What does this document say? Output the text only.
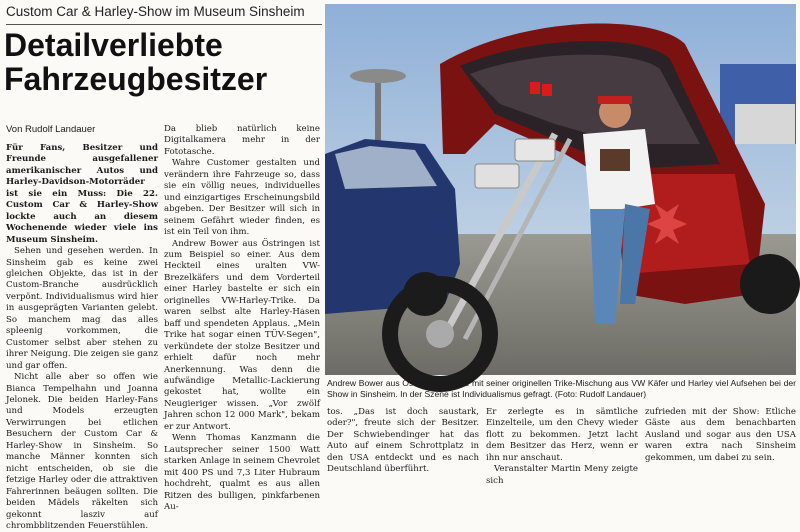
Custom Car & Harley-Show im Museum Sinsheim
Detailverliebte
Fahrzeugbesitzer
Von Rudolf Landauer

Für Fans, Besitzer und Freunde ausgefallener amerikanischer Autos und Harley-Davidson-Motorräder ist sie ein Muss: Die 22. Custom Car & Harley-Show lockte auch an diesem Wochenende wieder viele ins Museum Sinsheim.

Sehen und gesehen werden. In Sinsheim gab es keine zwei gleichen Objekte, das ist in der Custom-Branche ausdrücklich verpönt. Individualismus wird hier in ausgeprägten Varianten gelebt. So manchem mag das alles spleenig vorkommen, die Customer selbst aber stehen zu ihrer Neigung. Die zeigen sie ganz und gar offen.

Nicht alle aber so offen wie Bianca Tempelhahn und Joanna Jelonek. Die beiden Harley-Fans und Models erzeugten Verwirrungen bei etlichen Besuchern der Custom Car & Harley-Show in Sinsheim. So manche Männer konnten sich nicht entscheiden, ob sie die fetzige Harley oder die attraktiven Fahrerinnen beäugen sollten. Die beiden Mädels räkelten sich gekonnt lasziv auf chrombblitzenden Feuerstühlen.

Da blieb natürlich keine Digitalkamera mehr in der Fototasche.

Wahre Customer gestalten und verändern ihre Fahrzeuge so, dass sie ein völlig neues, individuelles und einzigartiges Erscheinungsbild abgeben. Der Besitzer will sich in seinem Gefährt wieder finden, es ist ein Teil von ihm.

Andrew Bower aus Östringen ist zum Beispiel so einer. Aus dem Heckteil eines uralten VW-Brezelkäfers und dem Vorderteil einer Harley bastelte er sich ein originelles VW-Harley-Trike. Da waren selbst alte Harley-Hasen baff und spendeten Applaus. „Mein Trike hat sogar einen TÜV-Segen", verkündete der stolze Besitzer und erhielt dafür noch mehr Anerkennung. Was denn die aufwändige Metallic-Lackierung gekostet hat, wollte ein Neugieriger wissen. „Vor zwölf Jahren schon 12 000 Mark", bekam er zur Antwort.

Wenn Thomas Kanzmann die Lautsprecher seiner 1500 Watt starken Anlage in seinem Chevrolet mit 400 PS und 7,3 Liter Hubraum hochdreht, qualmt es aus allen Ritzen des bulligen, pinkfarbenen Au-

Andrew Bower aus Östringen erregte mit seiner originellen Trike-Mischung aus VW Käfer und Harley viel Aufsehen bei der Show in Sinsheim. In der Szene ist Individualismus gefragt. (Foto: Rudolf Landauer)

tos. „Das ist doch saustark, oder?", freute sich der Besitzer. Der Schwiebendinger hat das Auto auf einem Schrottplatz in den USA entdeckt und es nach Deutschland überführt.

Er zerlegte es in sämtliche Einzelteile, um den Chevy wieder flott zu bekommen. Jetzt lacht dem Besitzer das Herz, wenn er ihn nur anschaut.

Veranstalter Martin Meny zeigte sich

zufrieden mit der Show: Etliche Gäste aus dem benachbarten Ausland und sogar aus den USA waren extra nach Sinsheim gekommen, um dabei zu sein.
